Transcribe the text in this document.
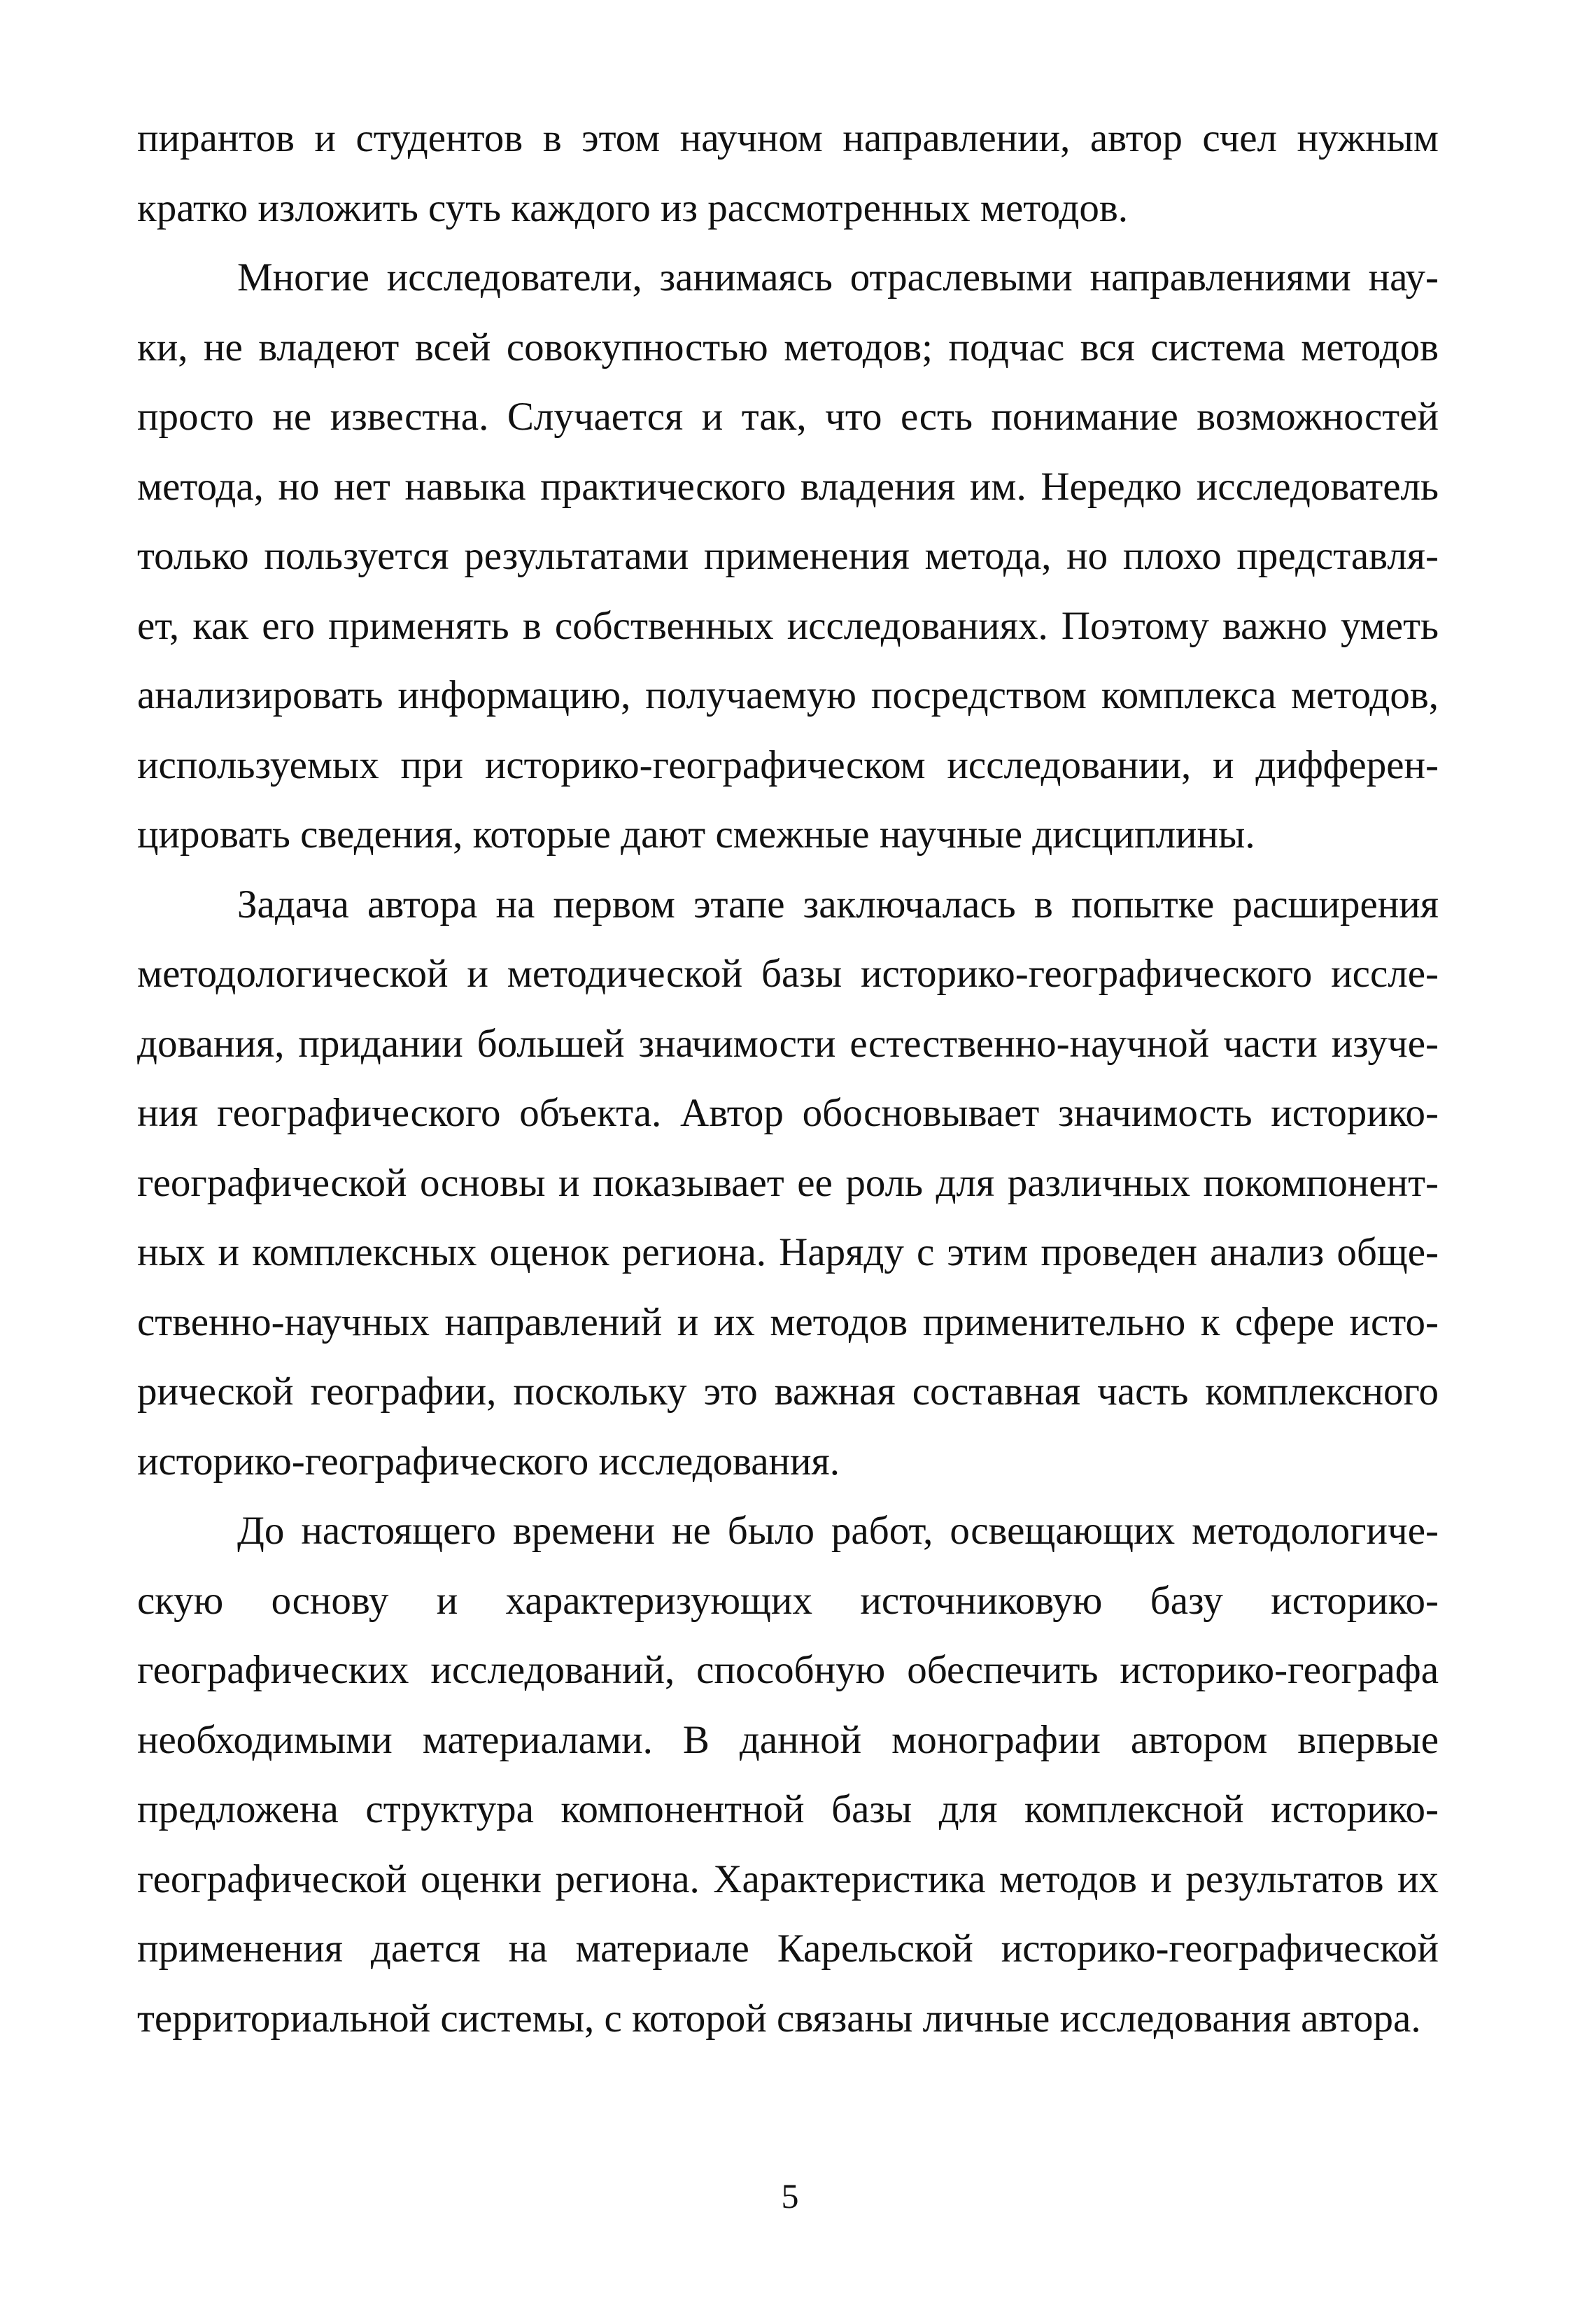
пирантов и студентов в этом научном направлении, автор счел нужным
кратко изложить суть каждого из рассмотренных методов.
Многие исследователи, занимаясь отраслевыми направлениями нау-
ки, не владеют всей совокупностью методов; подчас вся система методов
просто не известна. Случается и так, что есть понимание возможностей
метода, но нет навыка практического владения им. Нередко исследователь
только пользуется результатами применения метода, но плохо представля-
ет, как его применять в собственных исследованиях. Поэтому важно уметь
анализировать информацию, получаемую посредством комплекса методов,
используемых при историко-географическом исследовании, и дифферен-
цировать сведения, которые дают смежные научные дисциплины.
Задача автора на первом этапе заключалась в попытке расширения
методологической и методической базы историко-географического иссле-
дования, придании большей значимости естественно-научной части изуче-
ния географического объекта. Автор обосновывает значимость историко-
географической основы и показывает ее роль для различных покомпонент-
ных и комплексных оценок региона. Наряду с этим проведен анализ обще-
ственно-научных направлений и их методов применительно к сфере исто-
рической географии, поскольку это важная составная часть комплексного
историко-географического исследования.
До настоящего времени не было работ, освещающих методологиче-
скую основу и характеризующих источниковую базу историко-
географических исследований, способную обеспечить историко-географа
необходимыми материалами. В данной монографии автором впервые
предложена структура компонентной базы для комплексной историко-
географической оценки региона. Характеристика методов и результатов их
применения дается на материале Карельской историко-географической
территориальной системы, с которой связаны личные исследования автора.
5
